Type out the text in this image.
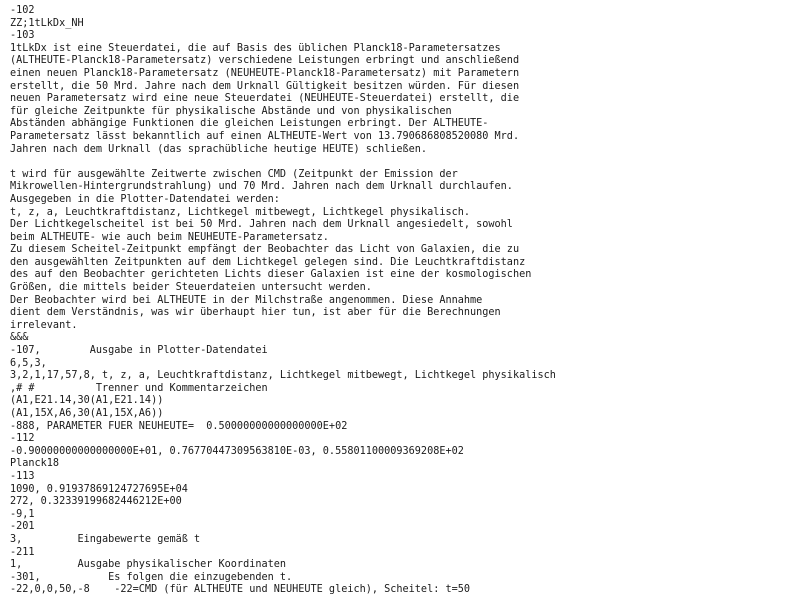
-102
ZZ;1tLkDx_NH
-103
1tLkDx ist eine Steuerdatei, die auf Basis des üblichen Planck18-Parametersatzes
(ALTHEUTE-Planck18-Parametersatz) verschiedene Leistungen erbringt und anschließend
einen neuen Planck18-Parametersatz (NEUHEUTE-Planck18-Parametersatz) mit Parametern
erstellt, die 50 Mrd. Jahre nach dem Urknall Gültigkeit besitzen würden. Für diesen
neuen Parametersatz wird eine neue Steuerdatei (NEUHEUTE-Steuerdatei) erstellt, die
für gleiche Zeitpunkte für physikalische Abstände und von physikalischen
Abständen abhängige Funktionen die gleichen Leistungen erbringt. Der ALTHEUTE-
Parametersatz lässt bekanntlich auf einen ALTHEUTE-Wert von 13.790686808520080 Mrd.
Jahren nach dem Urknall (das sprachübliche heutige HEUTE) schließen.
t wird für ausgewählte Zeitwerte zwischen CMD (Zeitpunkt der Emission der
Mikrowellen-Hintergrundstrahlung) und 70 Mrd. Jahren nach dem Urknall durchlaufen.
Ausgegeben in die Plotter-Datendatei werden:
t, z, a, Leuchtkraftdistanz, Lichtkegel mitbewegt, Lichtkegel physikalisch.
Der Lichtkegelscheitel ist bei 50 Mrd. Jahren nach dem Urknall angesiedelt, sowohl
beim ALTHEUTE- wie auch beim NEUHEUTE-Parametersatz.
Zu diesem Scheitel-Zeitpunkt empfängt der Beobachter das Licht von Galaxien, die zu
den ausgewählten Zeitpunkten auf dem Lichtkegel gelegen sind. Die Leuchtkraftdistanz
des auf den Beobachter gerichteten Lichts dieser Galaxien ist eine der kosmologischen
Größen, die mittels beider Steuerdateien untersucht werden.
Der Beobachter wird bei ALTHEUTE in der Milchstraße angenommen. Diese Annahme
dient dem Verständnis, was wir überhaupt hier tun, ist aber für die Berechnungen
irrelevant.
&&&
-107,        Ausgabe in Plotter-Datendatei
6,5,3,
3,2,1,17,57,8, t, z, a, Leuchtkraftdistanz, Lichtkegel mitbewegt, Lichtkegel physikalisch
,# #          Trenner und Kommentarzeichen
(A1,E21.14,30(A1,E21.14))
(A1,15X,A6,30(A1,15X,A6))
-888, PARAMETER FUER NEUHEUTE=  0.50000000000000000E+02
-112
-0.90000000000000000E+01, 0.76770447309563810E-03, 0.55801100009369208E+02
Planck18
-113
1090, 0.91937869124727695E+04
272, 0.32339199682446212E+00
-9,1
-201
3,         Eingabewerte gemäß t
-211
1,         Ausgabe physikalischer Koordinaten
-301,           Es folgen die einzugebenden t.
-22,0,0,50,-8    -22=CMD (für ALTHEUTE und NEUHEUTE gleich), Scheitel: t=50
